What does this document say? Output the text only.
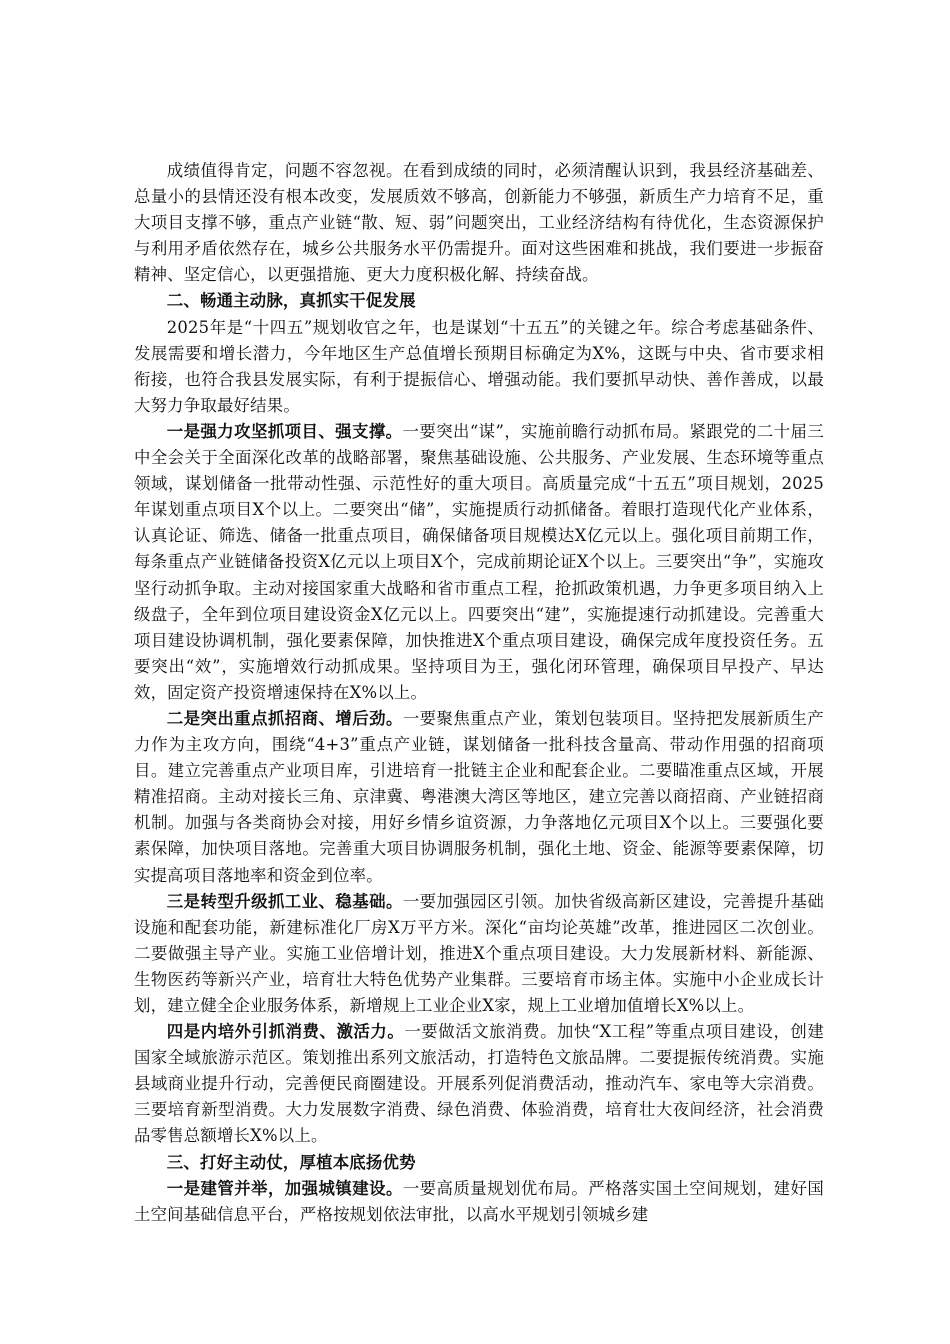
成绩值得肯定，问题不容忽视。在看到成绩的同时，必须清醒认识到，我县经济基础差、总量小的县情还没有根本改变，发展质效不够高，创新能力不够强，新质生产力培育不足，重大项目支撑不够，重点产业链“散、短、弱”问题突出，工业经济结构有待优化，生态资源保护与利用矛盾依然存在，城乡公共服务水平仍需提升。面对这些困难和挑战，我们要进一步振奋精神、坚定信心，以更强措施、更大力度积极化解、持续奋战。

二、畅通主动脉，真抓实干促发展

2025年是“十四五”规划收官之年，也是谋划“十五五”的关键之年。综合考虑基础条件、发展需要和增长潜力，今年地区生产总值增长预期目标确定为X%，这既与中央、省市要求相衔接，也符合我县发展实际，有利于提振信心、增强动能。我们要抓早动快、善作善成，以最大努力争取最好结果。

一是强力攻坚抓项目、强支撑。一要突出“谋”，实施前瞻行动抓布局。紧跟党的二十届三中全会关于全面深化改革的战略部署，聚焦基础设施、公共服务、产业发展、生态环境等重点领域，谋划储备一批带动性强、示范性好的重大项目。高质量完成“十五五”项目规划，2025年谋划重点项目X个以上。二要突出“储”，实施提质行动抓储备。着眼打造现代化产业体系，认真论证、筛选、储备一批重点项目，确保储备项目规模达X亿元以上。强化项目前期工作，每条重点产业链储备投资X亿元以上项目X个，完成前期论证X个以上。三要突出“争”，实施攻坚行动抓争取。主动对接国家重大战略和省市重点工程，抢抓政策机遇，力争更多项目纳入上级盘子，全年到位项目建设资金X亿元以上。四要突出“建”，实施提速行动抓建设。完善重大项目建设协调机制，强化要素保障，加快推进X个重点项目建设，确保完成年度投资任务。五要突出“效”，实施增效行动抓成果。坚持项目为王，强化闭环管理，确保项目早投产、早达效，固定资产投资增速保持在X%以上。

二是突出重点抓招商、增后劲。一要聚焦重点产业，策划包装项目。坚持把发展新质生产力作为主攻方向，围绕“4+3”重点产业链，谋划储备一批科技含量高、带动作用强的招商项目。建立完善重点产业项目库，引进培育一批链主企业和配套企业。二要瞄准重点区域，开展精准招商。主动对接长三角、京津冀、粤港澳大湾区等地区，建立完善以商招商、产业链招商机制。加强与各类商协会对接，用好乡情乡谊资源，力争落地亿元项目X个以上。三要强化要素保障，加快项目落地。完善重大项目协调服务机制，强化土地、资金、能源等要素保障，切实提高项目落地率和资金到位率。

三是转型升级抓工业、稳基础。一要加强园区引领。加快省级高新区建设，完善提升基础设施和配套功能，新建标准化厂房X万平方米。深化“亩均论英雄”改革，推进园区二次创业。二要做强主导产业。实施工业倍增计划，推进X个重点项目建设。大力发展新材料、新能源、生物医药等新兴产业，培育壮大特色优势产业集群。三要培育市场主体。实施中小企业成长计划，建立健全企业服务体系，新增规上工业企业X家，规上工业增加值增长X%以上。

四是内培外引抓消费、激活力。一要做活文旅消费。加快“X工程”等重点项目建设，创建国家全域旅游示范区。策划推出系列文旅活动，打造特色文旅品牌。二要提振传统消费。实施县域商业提升行动，完善便民商圈建设。开展系列促消费活动，推动汽车、家电等大宗消费。三要培育新型消费。大力发展数字消费、绿色消费、体验消费，培育壮大夜间经济，社会消费品零售总额增长X%以上。

三、打好主动仗，厚植本底扬优势

一是建管并举，加强城镇建设。一要高质量规划优布局。严格落实国土空间规划，建好国土空间基础信息平台，严格按规划依法审批，以高水平规划引领城乡建
